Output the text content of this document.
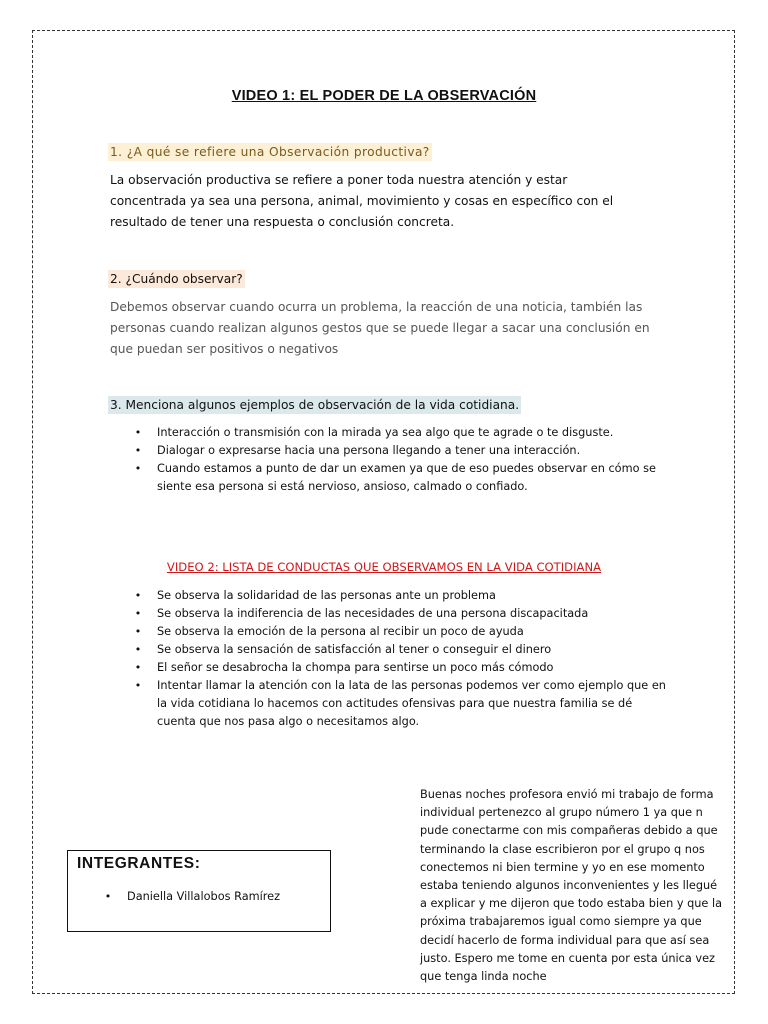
VIDEO 1: EL PODER DE LA OBSERVACIÓN
1. ¿A qué se refiere una Observación productiva?
La observación productiva se refiere a poner toda nuestra atención y estar
concentrada ya sea una persona, animal, movimiento y cosas en específico con el
resultado de tener una respuesta o conclusión concreta.
2. ¿Cuándo observar?
Debemos observar cuando ocurra un problema, la reacción de una noticia, también las
personas cuando realizan algunos gestos que se puede llegar a sacar una conclusión en
que puedan ser positivos o negativos
3. Menciona algunos ejemplos de observación de la vida cotidiana.
•	Interacción o transmisión con la mirada ya sea algo que te agrade o te disguste.
•	Dialogar o expresarse hacia una persona llegando a tener una interacción.
•	Cuando estamos a punto de dar un examen ya que de eso puedes observar en cómo se siente esa persona si está nervioso, ansioso, calmado o confiado.
VIDEO 2: LISTA DE CONDUCTAS QUE OBSERVAMOS EN LA VIDA COTIDIANA
•	Se observa la solidaridad de las personas ante un problema
•	Se observa la indiferencia de las necesidades de una persona discapacitada
•	Se observa la emoción de la persona al recibir un poco de ayuda
•	Se observa la sensación de satisfacción al tener o conseguir el dinero
•	El señor se desabrocha la chompa para sentirse un poco más cómodo
•	Intentar llamar la atención con la lata de las personas podemos ver como ejemplo que en la vida cotidiana lo hacemos con actitudes ofensivas para que nuestra familia se dé cuenta que nos pasa algo o necesitamos algo.
Buenas noches profesora envió mi trabajo de forma
individual pertenezco al grupo número 1 ya que n
pude conectarme con mis compañeras debido a que
terminando la clase escribieron por el grupo q nos
conectemos ni bien termine y yo en ese momento
estaba teniendo algunos inconvenientes y les llegué
a explicar y me dijeron que todo estaba bien y que la
próxima trabajaremos igual como siempre ya que
decidí hacerlo de forma individual para que así sea
justo. Espero me tome en cuenta por esta única vez
que tenga linda noche
INTEGRANTES:
•	Daniella Villalobos Ramírez
